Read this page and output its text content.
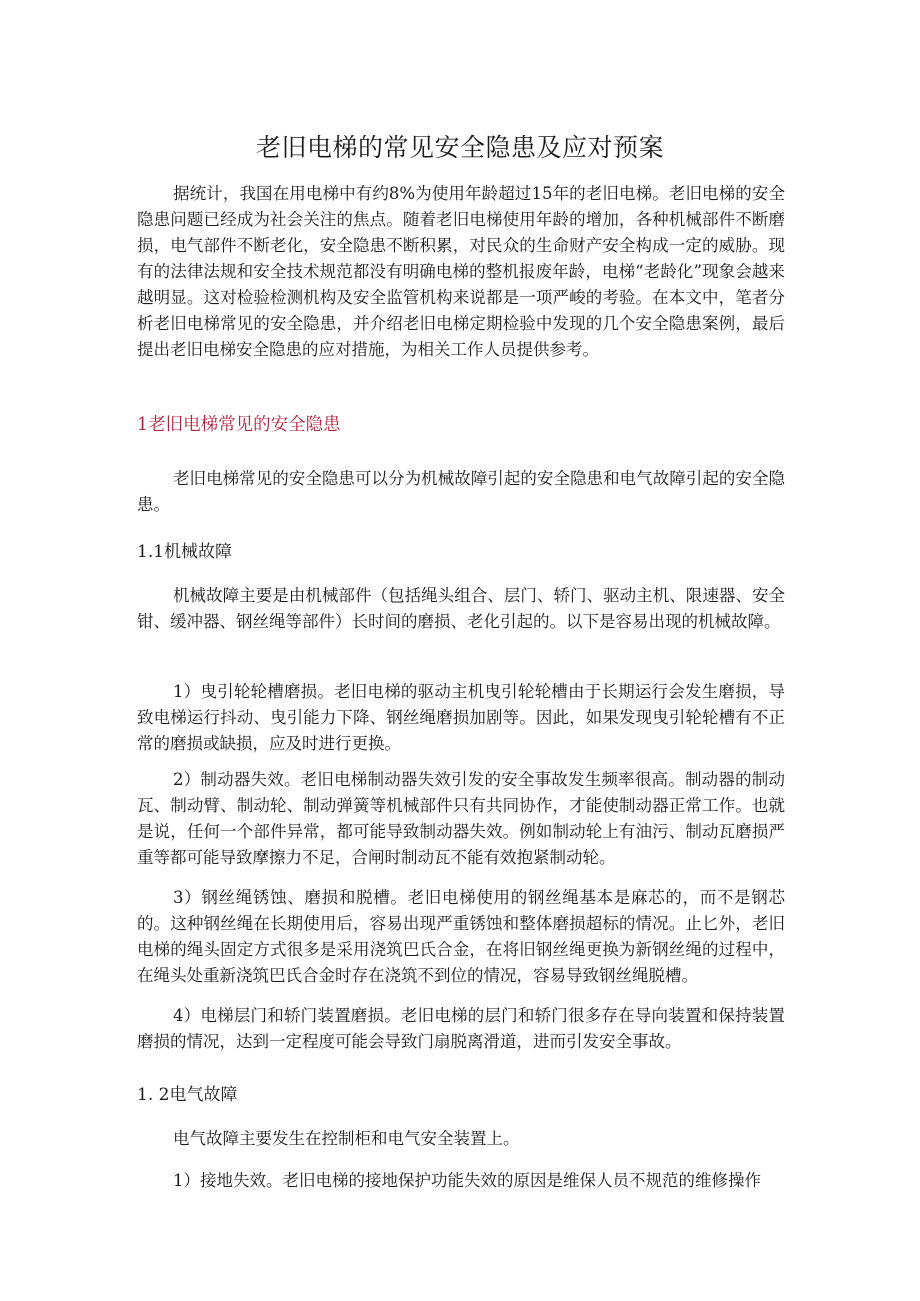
老旧电梯的常见安全隐患及应对预案

据统计，我国在用电梯中有约8%为使用年龄超过15年的老旧电梯。老旧电梯的安全隐患问题已经成为社会关注的焦点。随着老旧电梯使用年龄的增加，各种机械部件不断磨损，电气部件不断老化，安全隐患不断积累，对民众的生命财产安全构成一定的威胁。现有的法律法规和安全技术规范都没有明确电梯的整机报废年龄，电梯“老龄化”现象会越来越明显。这对检验检测机构及安全监管机构来说都是一项严峻的考验。在本文中，笔者分析老旧电梯常见的安全隐患，并介绍老旧电梯定期检验中发现的几个安全隐患案例，最后提出老旧电梯安全隐患的应对措施，为相关工作人员提供参考。

1老旧电梯常见的安全隐患

老旧电梯常见的安全隐患可以分为机械故障引起的安全隐患和电气故障引起的安全隐患。

1.1机械故障

机械故障主要是由机械部件（包括绳头组合、层门、轿门、驱动主机、限速器、安全钳、缓冲器、钢丝绳等部件）长时间的磨损、老化引起的。以下是容易出现的机械故障。

1）曳引轮轮槽磨损。老旧电梯的驱动主机曳引轮轮槽由于长期运行会发生磨损，导致电梯运行抖动、曳引能力下降、钢丝绳磨损加剧等。因此，如果发现曳引轮轮槽有不正常的磨损或缺损，应及时进行更换。

2）制动器失效。老旧电梯制动器失效引发的安全事故发生频率很高。制动器的制动瓦、制动臂、制动轮、制动弹簧等机械部件只有共同协作，才能使制动器正常工作。也就是说，任何一个部件异常，都可能导致制动器失效。例如制动轮上有油污、制动瓦磨损严重等都可能导致摩擦力不足，合闸时制动瓦不能有效抱紧制动轮。

3）钢丝绳锈蚀、磨损和脱槽。老旧电梯使用的钢丝绳基本是麻芯的，而不是钢芯的。这种钢丝绳在长期使用后，容易出现严重锈蚀和整体磨损超标的情况。止匕外，老旧电梯的绳头固定方式很多是采用浇筑巴氏合金，在将旧钢丝绳更换为新钢丝绳的过程中，在绳头处重新浇筑巴氏合金时存在浇筑不到位的情况，容易导致钢丝绳脱槽。

4）电梯层门和轿门装置磨损。老旧电梯的层门和轿门很多存在导向装置和保持装置磨损的情况，达到一定程度可能会导致门扇脱离滑道，进而引发安全事故。

1. 2电气故障

电气故障主要发生在控制柜和电气安全装置上。

1）接地失效。老旧电梯的接地保护功能失效的原因是维保人员不规范的维修操作
